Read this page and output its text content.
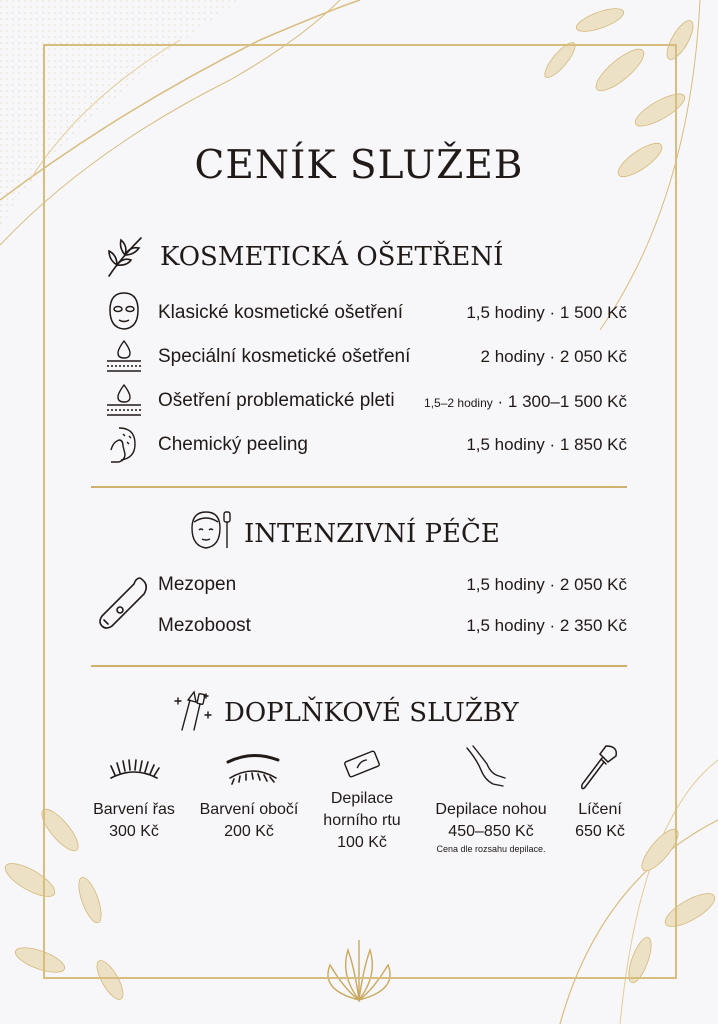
CENÍK SLUŽEB
KOSMETICKÁ OŠETŘENÍ
Klasické kosmetické ošetření	1,5 hodiny · 1 500 Kč
Speciální kosmetické ošetření	2 hodiny · 2 050 Kč
Ošetření problematické pleti 1,5–2 hodiny · 1 300–1 500 Kč
Chemický peeling	1,5 hodiny · 1 850 Kč
INTENZIVNÍ PÉČE
Mezopen	1,5 hodiny · 2 050 Kč
Mezoboost	1,5 hodiny · 2 350 Kč
DOPLŇKOVÉ SLUŽBY
Barvení řas
300 Kč
Barvení obočí
200 Kč
Depilace
horního rtu
100 Kč
Depilace nohou
450–850 Kč
Cena dle rozsahu depilace.
Líčení
650 Kč
